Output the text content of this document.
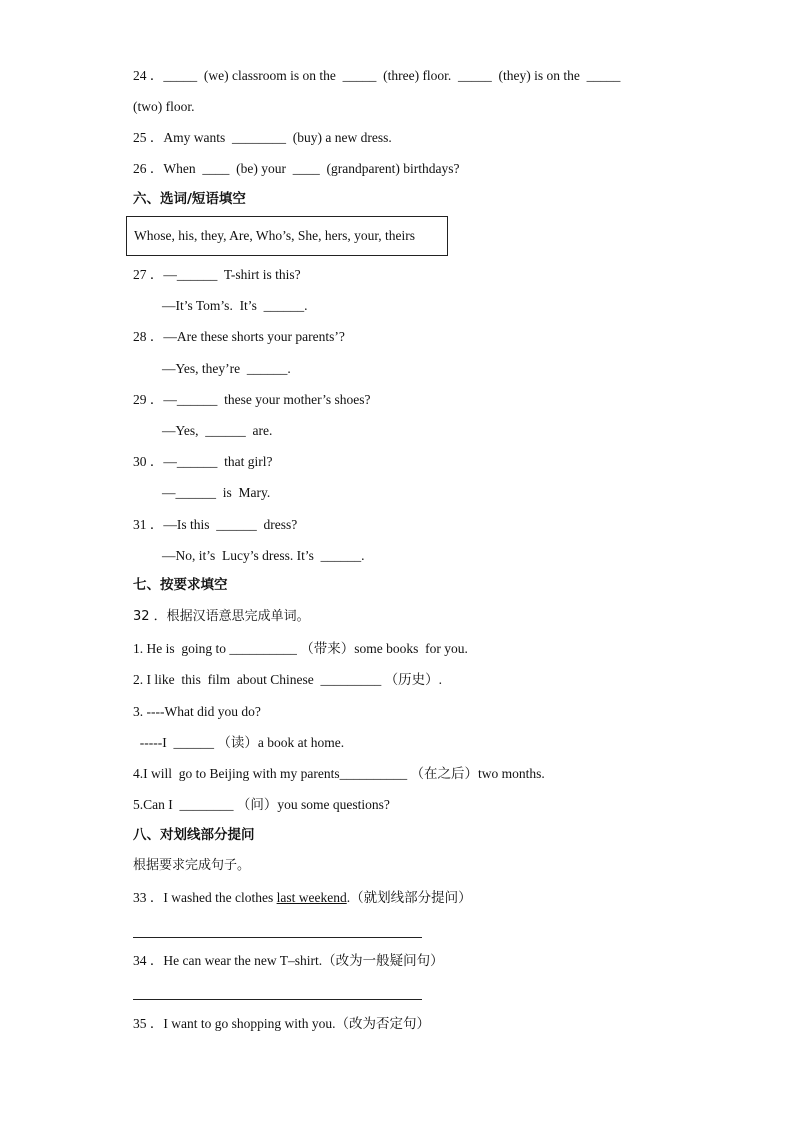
24 ．_____  (we) classroom is on the  _____  (three) floor.  _____  (they) is on the  _____
(two) floor.
25 ．Amy wants  ________  (buy) a new dress.
26 ．When  ____  (be) your  ____  (grandparent) birthdays?
六、选词/短语填空
Whose, his, they, Are, Who’s, She, hers, your, theirs
27 ．—______  T-shirt is this?
—It’s Tom’s.  It’s  ______.
28 ．—Are these shorts your parents’?
—Yes, they’re  ______.
29 ．—______  these your mother’s shoes?
—Yes,  ______  are.
30 ．—______  that girl?
—______  is  Mary.
31 ．—Is this  ______  dress?
—No, it’s  Lucy’s dress. It’s  ______.
七、按要求填空
32 ．根据汉语意思完成单词。
1. He is  going to __________ （带来）some books  for you.
2. I like  this  film  about Chinese  _________ （历史）.
3. ----What did you do?
-----I  ______ （读）a book at home.
4.I will  go to Beijing with my parents__________ （在之后）two months.
5.Can I  ________ （问）you some questions?
八、对划线部分提问
根据要求完成句子。
33 ．I washed the clothes last weekend.（就划线部分提问）
34 ．He can wear the new T–shirt.（改为一般疑问句）
35 ．I want to go shopping with you.（改为否定句）
